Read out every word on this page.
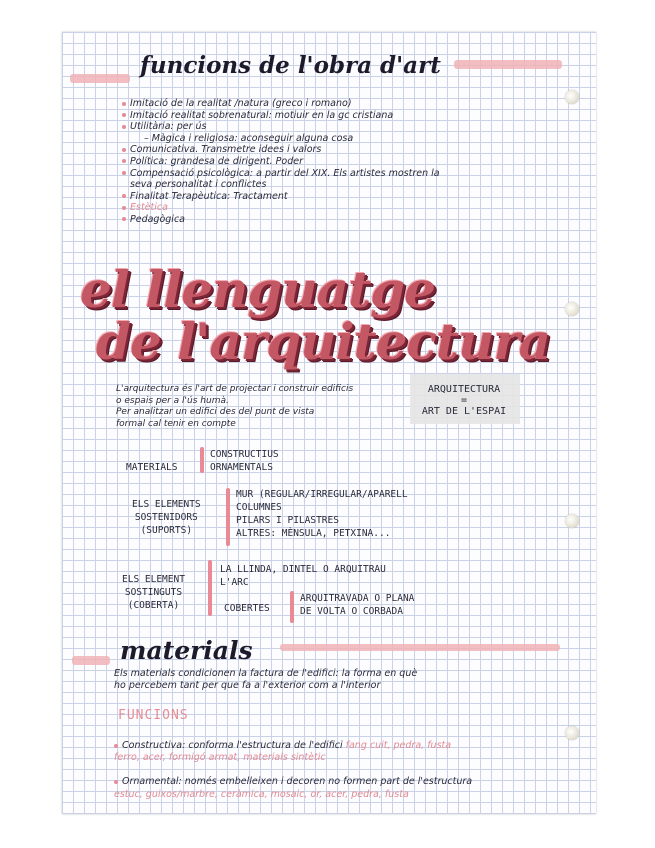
funcions de l'obra d'art
Imitació de la realitat /natura (greco i romano)
Imitació realitat sobrenatural: motiuir en la gc cristiana
Utilitària: per ús
– Màgica i religiosa: aconseguir alguna cosa
Comunicativa. Transmetre idees i valors
Política: grandesa de dirigent. Poder
Compensació psicològica: a partir del XIX. Els artistes mostren la
seva personalitat i conflictes
Finalitat Terapèutica: Tractament
Estètica
Pedagògica
el llenguatge
de l'arquitectura
L'arquitectura és l'art de projectar i construir edificis
o espais per a l'ús humà.
Per analitzar un edifici des del punt de vista
formal cal tenir en compte
ARQUITECTURA
=
ART DE L'ESPAI
MATERIALS
CONSTRUCTIUS
ORNAMENTALS
ELS ELEMENTS
SOSTENIDORS
(SUPORTS)
MUR (REGULAR/IRREGULAR/APARELL
COLUMNES
PILARS I PILASTRES
ALTRES: MÈNSULA, PETXINA...
ELS ELEMENT
SOSTINGUTS
(COBERTA)
LA LLINDA, DINTEL O ARQUITRAU
L'ARC
COBERTES
ARQUITRAVADA O PLANA
DE VOLTA O CORBADA
materials
Els materials condicionen la factura de l'edifici: la forma en què
ho percebem tant per que fa a l'exterior com a l'interior
FUNCIONS
Constructiva: conforma l'estructura de l'edifici fang cuit, pedra, fusta
ferro, acer, formigó armat, materials sintètic
Ornamental: només embelleixen i decoren no formen part de l'estructura
estuc, guixos/marbre, ceràmica, mosaic, or, acer, pedra, fusta
